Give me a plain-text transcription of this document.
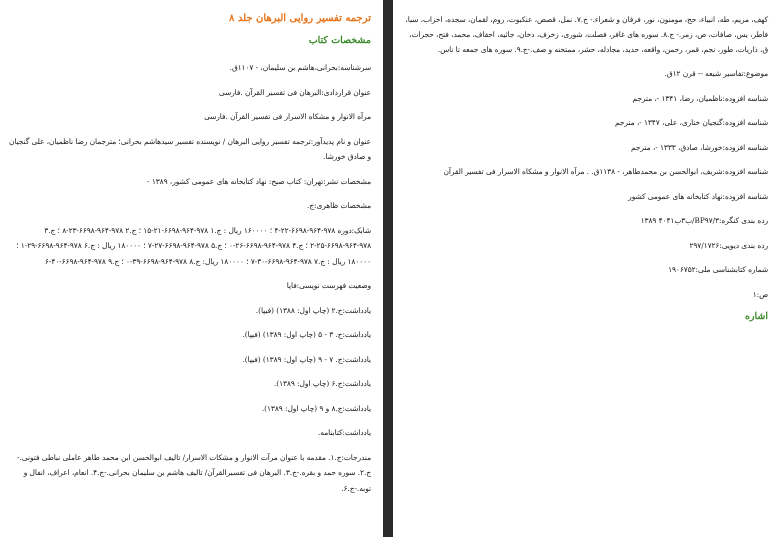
ترجمه تفسیر روایی البرهان جلد ۸
مشخصات کتاب
سرشناسه:بحرانی،هاشم بن سلیمان، - ۱۱۰۷ق.
عنوان قراردادی:البرهان فی تفسیر القرآن .فارسی
مرآه الانوار و مشکاه الاسرار فی تفسیر القرآن .فارسی
عنوان و نام پدیدآور:ترجمه تفسیر روایی البرهان / نویسنده تفسیر سیدهاشم بحرانی؛ مترجمان رضا ناظمیان، علی گنجیان و صادق خورشا.
مشخصات نشر:تهران: کتاب صبح: نهاد کتابخانه های عمومی کشور، ۱۳۸۹ -
مشخصات ظاهری:ج.
شابک:دوره ۹۷۸-۹۶۴-۶۶۹۸-۲۲-۴ ؛ ۱۶۰۰۰۰ ریال : ج.۱ ۹۷۸-۹۶۴-۶۶۹۸-۲۱-۱۵ ؛ ج.۲ ۹۷۸-۹۶۴-۶۶۹۸-۲۳-۸ ؛ ج.۳ ۹۷۸-۹۶۴-۶۶۹۸-۲۵-۲ ؛ ج.۴ ۹۷۸-۹۶۴-۶۶۹۸-۲۶-۰ ؛ ج.۵ ۹۷۸-۹۶۴-۶۶۹۸-۲۷-۷ ؛ ۱۸۰۰۰۰ ریال : ج.۶ ۹۷۸-۹۶۴-۶۶۹۸-۲۹-۱ ؛ ۱۸۰۰۰۰ ریال : ج.۷ ۹۷۸-۹۶۴-۶۶۹۸-۳۰-۷ ؛ ۱۸۰۰۰۰ ریال: ج.۸ ۹۷۸-۹۶۴-۶۶۹۸-۳۹-۰ ؛ ج.۹ ۹۷۸-۹۶۴-۶۶۹۸-۴۰-۶
وضعیت فهرست نویسی:فاپا
یادداشت:ج.۲ (چاپ اول: ۱۳۸۸) (فیپا).
یادداشت:ج. ۳ - ۵ (چاپ اول: ۱۳۸۹) (فیپا).
یادداشت:ج. ۷ - ۹ (چاپ اول: ۱۳۸۹) (فیپا).
یادداشت:ج.۶ (چاپ اول: ۱۳۸۹).
یادداشت:ج.۸ و ۹ (چاپ اول: ۱۳۸۹).
یادداشت:کتابنامه.
مندرجات:ج.۱. مقدمه با عنوان مرآت الانوار و مشکات الاسرار/ تالیف ابوالحسن ابن محمد طاهر عاملی نباطی فتونی.-ج.۲. سوره حمد و بقره.-ج.۳. البرهان فی تفسیرالقرآن/ تالیف هاشم بن سلیمان بحرانی.-ج.۴. انعام، اعراف، انفال و توبه.-ج.۶.
کهف، مریم، طه، انبیاء، حج، مومنون، نور، فرقان و شعراء.- ج.۷. نمل، قصص، عنکبوت، روم، لقمان، سجده، احزاب، سبا، فاطر، یس، صافات، ص، زمر.- ج.۸. سوره های غافر، فصلت، شوری، زخرف، دخان، جاثیه، احقاف، محمد، فتح، حجرات، ق، ذاریات، طور، نجم، قمر، رحمن، واقعه، حدید، مجادله، حشر، ممتحنه و صف.-ج.۹. سوره های جمعه تا ناس.
موضوع:تفاسیر شیعه -- قرن ۱۲ق.
شناسه افزوده:ناظمیان، رضا، ۱۳۴۱ -، مترجم
شناسه افزوده:گنجیان خناری، علی، ۱۳۴۷ -، مترجم
شناسه افزوده:خورشا، صادق، ۱۳۳۳ -، مترجم
شناسه افزوده:شریف، ابوالحسن بن محمدطاهر، - ۱۱۳۸ق. . مرآه الانوار و مشکاه الاسرار فی تفسیر القرآن
شناسه افزوده:نهاد کتابخانه های عمومی کشور
رده بندی کنگره:BP۹۷/۳/ب۳ب۴۰۴۱ ۱۳۸۹
رده بندی دیویی:۲۹۷/۱۷۲۶
شماره کتابشناسی ملی:۱۹۰۶۷۵۲
ص:۱
اشاره
